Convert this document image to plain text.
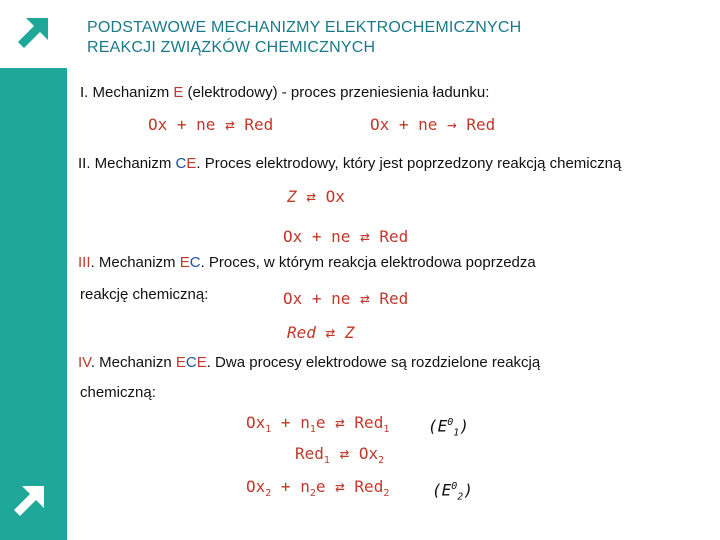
PODSTAWOWE MECHANIZMY ELEKTROCHEMICZNYCH
REAKCJI ZWIĄZKÓW CHEMICZNYCH
I. Mechanizm E (elektrodowy) - proces przeniesienia ładunku:
Ox + ne ⇄ Red	Ox + ne → Red
II. Mechanizm CE. Proces elektrodowy, który jest poprzedzony reakcją chemiczną
Z ⇄ Ox
Ox + ne ⇄ Red
III. Mechanizm EC. Proces, w którym reakcja elektrodowa poprzedza
reakcję chemiczną:	Ox + ne ⇄ Red
Red ⇄ Z
IV. Mechanizn ECE. Dwa procesy elektrodowe są rozdzielone reakcją
chemiczną:
$Ox_1 + n_1e$ ⇄ Red$_1$ $(E^0_1)$
Red$_1$ ⇄ $Ox_2$
$Ox_2 + n_2e$ ⇄ Red$_2$	$(E^0_2)$
